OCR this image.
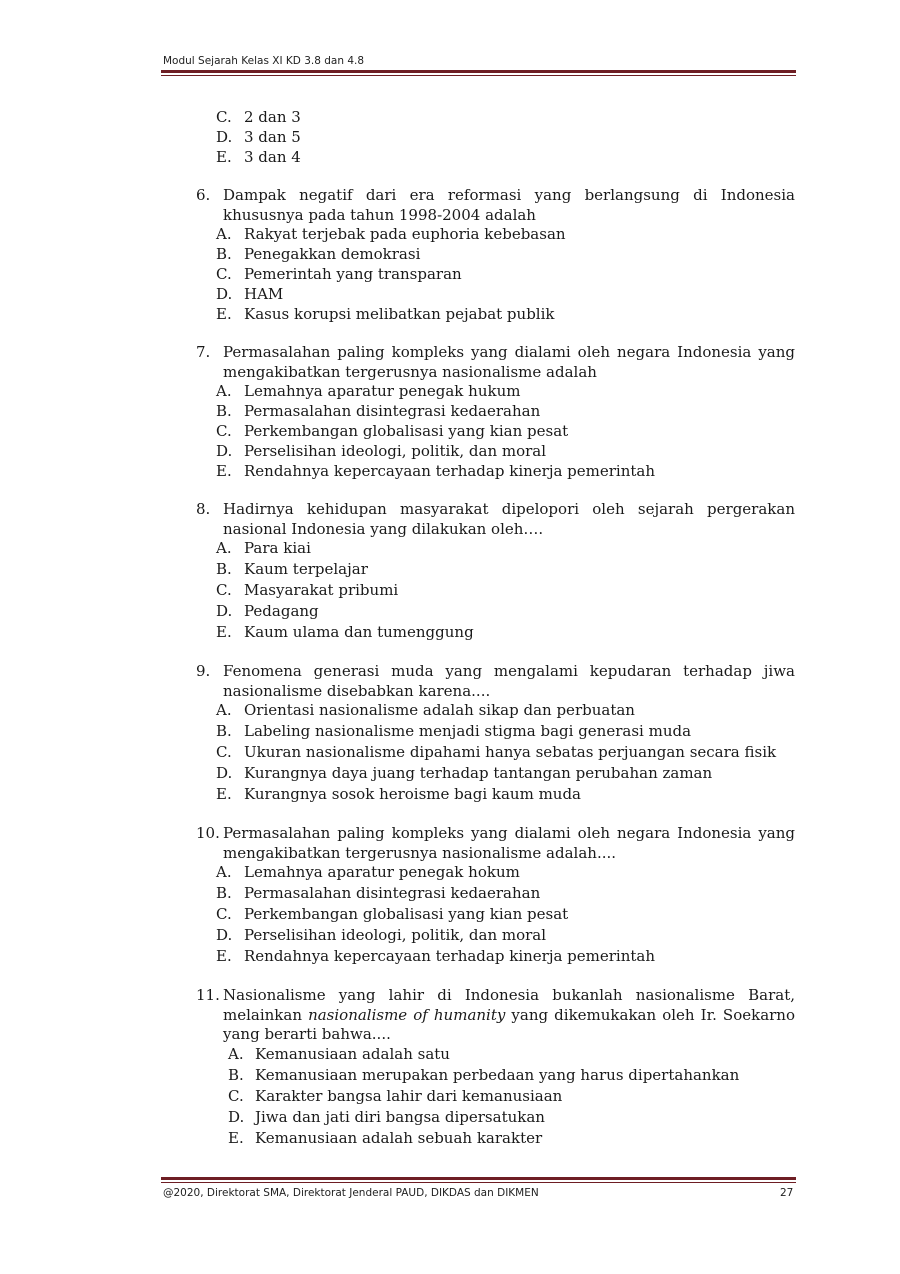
Modul Sejarah Kelas XI KD 3.8 dan 4.8
C. 2 dan 3
D. 3 dan 5
E. 3 dan 4
6. Dampak negatif dari era reformasi yang berlangsung di Indonesia khususnya pada tahun 1998-2004 adalah
A. Rakyat terjebak pada euphoria kebebasan
B. Penegakkan demokrasi
C. Pemerintah yang transparan
D. HAM
E. Kasus korupsi melibatkan pejabat publik
7. Permasalahan paling kompleks yang dialami oleh negara Indonesia yang mengakibatkan tergerusnya nasionalisme adalah
A. Lemahnya aparatur penegak hukum
B. Permasalahan disintegrasi kedaerahan
C. Perkembangan globalisasi yang kian pesat
D. Perselisihan ideologi, politik, dan moral
E. Rendahnya kepercayaan terhadap kinerja pemerintah
8. Hadirnya kehidupan masyarakat dipelopori oleh sejarah pergerakan nasional Indonesia yang dilakukan oleh….
A. Para kiai
B. Kaum terpelajar
C. Masyarakat pribumi
D. Pedagang
E. Kaum ulama dan tumenggung
9. Fenomena generasi muda yang mengalami kepudaran terhadap jiwa nasionalisme disebabkan karena....
A. Orientasi nasionalisme adalah sikap dan perbuatan
B. Labeling nasionalisme menjadi stigma bagi generasi muda
C. Ukuran nasionalisme dipahami hanya sebatas perjuangan secara fisik
D. Kurangnya daya juang terhadap tantangan perubahan zaman
E. Kurangnya sosok heroisme bagi kaum muda
10. Permasalahan paling kompleks yang dialami oleh negara Indonesia yang mengakibatkan tergerusnya nasionalisme adalah....
A. Lemahnya aparatur penegak hokum
B. Permasalahan disintegrasi kedaerahan
C. Perkembangan globalisasi yang kian pesat
D. Perselisihan ideologi, politik, dan moral
E. Rendahnya kepercayaan terhadap kinerja pemerintah
11. Nasionalisme yang lahir di Indonesia bukanlah nasionalisme Barat, melainkan nasionalisme of humanity yang dikemukakan oleh Ir. Soekarno yang berarti bahwa....
A. Kemanusiaan adalah satu
B. Kemanusiaan merupakan perbedaan yang harus dipertahankan
C. Karakter bangsa lahir dari kemanusiaan
D. Jiwa dan jati diri bangsa dipersatukan
E. Kemanusiaan adalah sebuah karakter
@2020, Direktorat SMA, Direktorat Jenderal PAUD, DIKDAS dan DIKMEN	27
